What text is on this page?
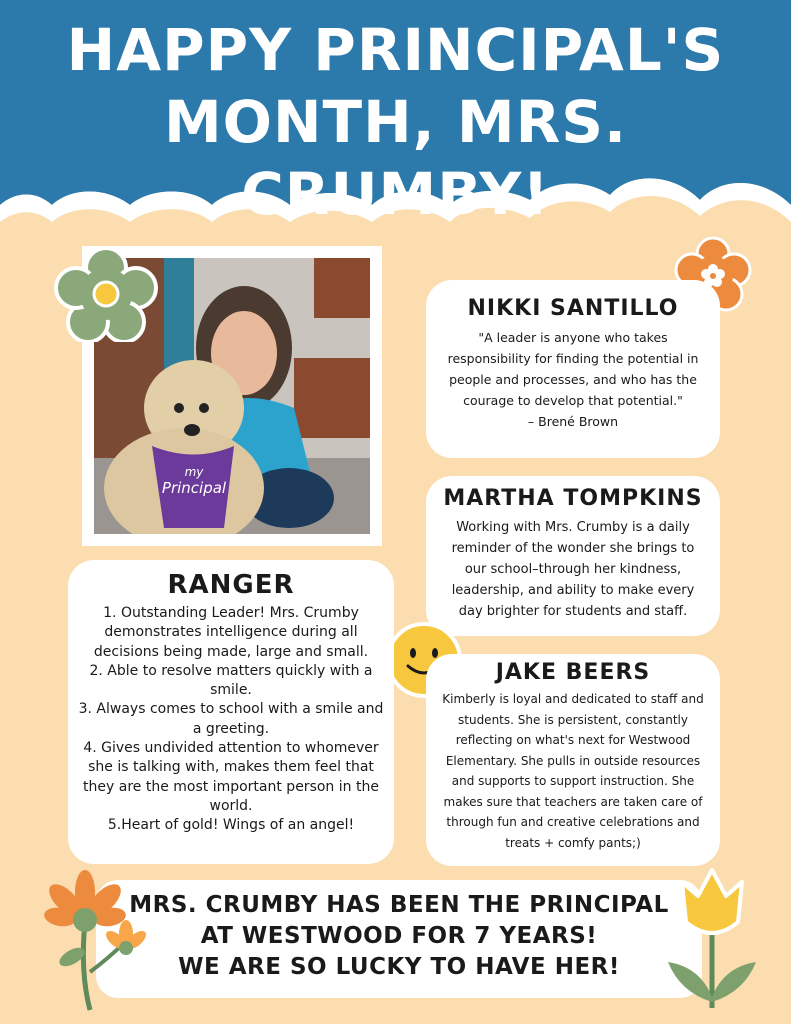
HAPPY PRINCIPAL'S
MONTH, MRS. CRUMBY!
my
Principal
NIKKI SANTILLO

"A leader is anyone who takes responsibility for finding the potential in people and processes, and who has the courage to develop that potential."

– Brené Brown

MARTHA TOMPKINS

Working with Mrs. Crumby is a daily reminder of the wonder she brings to our school–through her kindness, leadership, and ability to make every day brighter for students and staff.

JAKE BEERS

Kimberly is loyal and dedicated to staff and students. She is persistent, constantly reflecting on what's next for Westwood Elementary. She pulls in outside resources and supports to support instruction. She makes sure that teachers are taken care of through fun and creative celebrations and treats + comfy pants;)

RANGER
1. Outstanding Leader! Mrs. Crumby demonstrates intelligence during all decisions being made, large and small.
2. Able to resolve matters quickly with a smile.
3. Always comes to school with a smile and a greeting.
4. Gives undivided attention to whomever she is talking with, makes them feel that they are the most important person in the world.
5.Heart of gold! Wings of an angel!

MRS. CRUMBY HAS BEEN THE PRINCIPAL

AT WESTWOOD FOR 7 YEARS!

WE ARE SO LUCKY TO HAVE HER!
